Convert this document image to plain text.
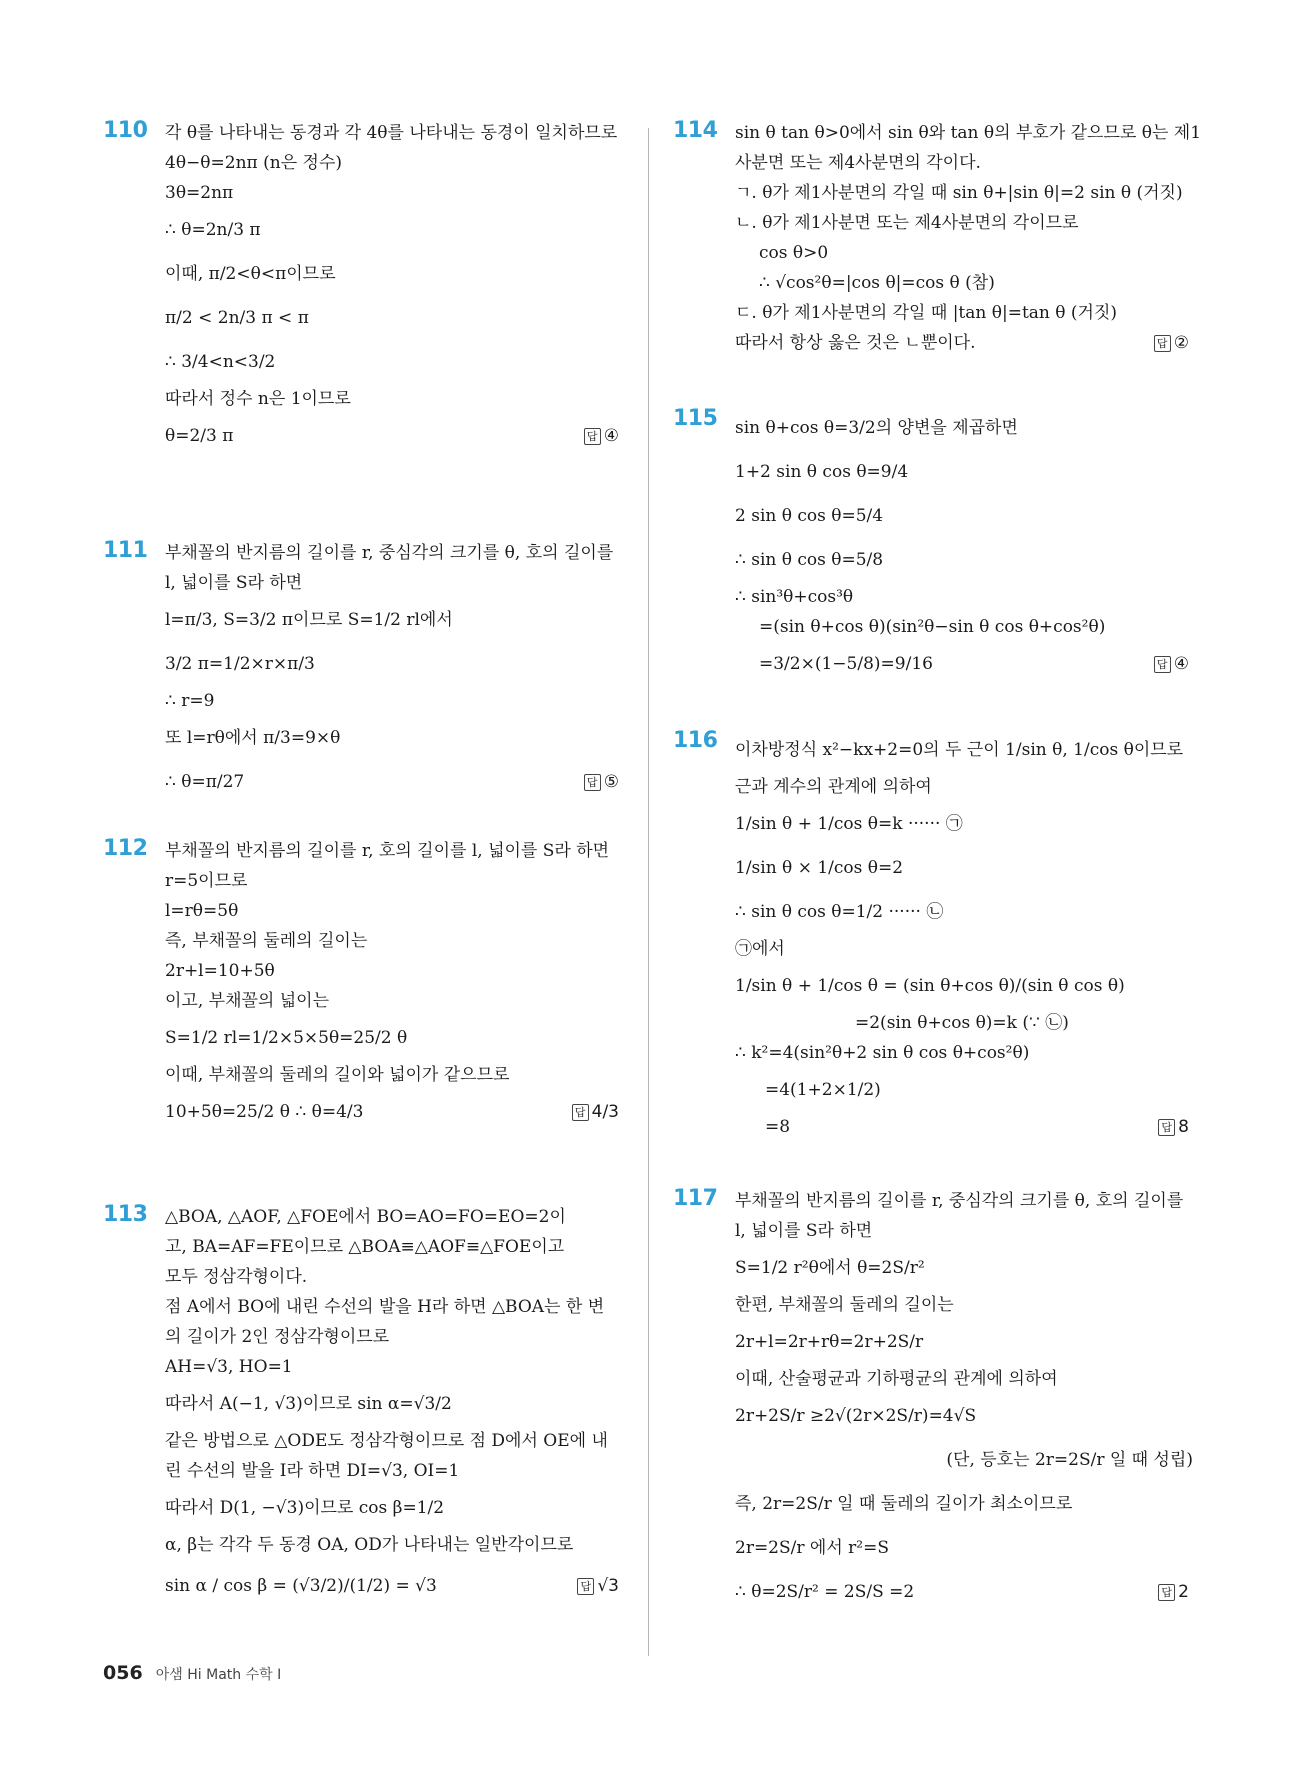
110 각 θ를 나타내는 동경과 각 4θ를 나타내는 동경이 일치하므로
4θ−θ=2nπ (n은 정수)
3θ=2nπ
∴ θ=2n/3 π
이때, π/2<θ<π이므로
π/2 < 2n/3 π < π
∴ 3/4<n<3/2
따라서 정수 n은 1이므로
θ=2/3 π	답 ④
111 부채꼴의 반지름의 길이를 r, 중심각의 크기를 θ, 호의 길이를
l, 넓이를 S라 하면
l=π/3, S=3/2 π이므로 S=1/2 rl에서
3/2 π=1/2×r×π/3
∴ r=9
또 l=rθ에서 π/3=9×θ
∴ θ=π/27	답 ⑤
112 부채꼴의 반지름의 길이를 r, 호의 길이를 l, 넓이를 S라 하면
r=5이므로
l=rθ=5θ
즉, 부채꼴의 둘레의 길이는
2r+l=10+5θ
이고, 부채꼴의 넓이는
S=1/2 rl=1/2×5×5θ=25/2 θ
이때, 부채꼴의 둘레의 길이와 넓이가 같으므로
10+5θ=25/2 θ ∴ θ=4/3	답 4/3
113 △BOA, △AOF, △FOE에서 BO=AO=FO=EO=2이
고, BA=AF=FE이므로 △BOA≡△AOF≡△FOE이고
모두 정삼각형이다.
점 A에서 BO에 내린 수선의 발을 H라 하면 △BOA는 한 변
의 길이가 2인 정삼각형이므로
AH=√3, HO=1
따라서 A(−1, √3)이므로 sin α=√3/2
같은 방법으로 △ODE도 정삼각형이므로 점 D에서 OE에 내
린 수선의 발을 I라 하면 DI=√3, OI=1
따라서 D(1, −√3)이므로 cos β=1/2
α, β는 각각 두 동경 OA, OD가 나타내는 일반각이므로
sin α / cos β = (√3/2)/(1/2) = √3	답 √3
114 sin θ tan θ>0에서 sin θ와 tan θ의 부호가 같으므로 θ는 제1
사분면 또는 제4사분면의 각이다.
ㄱ. θ가 제1사분면의 각일 때 sin θ+|sin θ|=2 sin θ (거짓)
ㄴ. θ가 제1사분면 또는 제4사분면의 각이므로
cos θ>0
∴ √cos²θ=|cos θ|=cos θ (참)
ㄷ. θ가 제1사분면의 각일 때 |tan θ|=tan θ (거짓)
따라서 항상 옳은 것은 ㄴ뿐이다.	답 ②
115 sin θ+cos θ=3/2의 양변을 제곱하면
1+2 sin θ cos θ=9/4
2 sin θ cos θ=5/4
∴ sin θ cos θ=5/8
∴ sin³θ+cos³θ
=(sin θ+cos θ)(sin²θ−sin θ cos θ+cos²θ)
=3/2×(1−5/8)=9/16	답 ④
116 이차방정식 x²−kx+2=0의 두 근이 1/sin θ, 1/cos θ이므로
근과 계수의 관계에 의하여
1/sin θ + 1/cos θ=k ······ ㉠
1/sin θ × 1/cos θ=2
∴ sin θ cos θ=1/2 ······ ㉡
㉠에서
1/sin θ + 1/cos θ = (sin θ+cos θ)/(sin θ cos θ)
=2(sin θ+cos θ)=k (∵ ㉡)
∴ k²=4(sin²θ+2 sin θ cos θ+cos²θ)
=4(1+2×1/2)
=8	답 8
117 부채꼴의 반지름의 길이를 r, 중심각의 크기를 θ, 호의 길이를
l, 넓이를 S라 하면
S=1/2 r²θ에서 θ=2S/r²
한편, 부채꼴의 둘레의 길이는
2r+l=2r+rθ=2r+2S/r
이때, 산술평균과 기하평균의 관계에 의하여
2r+2S/r ≥2√(2r×2S/r)=4√S
(단, 등호는 2r=2S/r 일 때 성립)
즉, 2r=2S/r 일 때 둘레의 길이가 최소이므로
2r=2S/r 에서 r²=S
∴ θ=2S/r² = 2S/S =2	답 2
056 아샘 Hi Math 수학 I
